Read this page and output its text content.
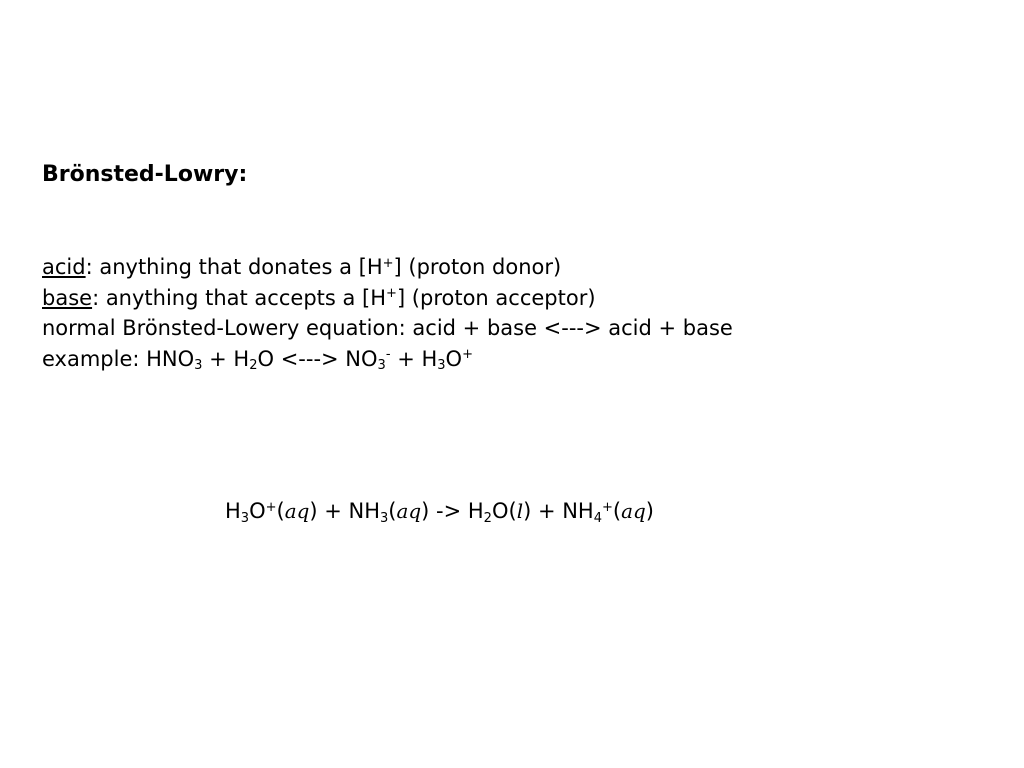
Brönsted-Lowry:
acid: anything that donates a [H+] (proton donor)
base: anything that accepts a [H+] (proton acceptor)
normal Brönsted-Lowery equation: acid + base <---> acid + base
example: $HNO_3 + H_2O$ <---> $NO_3^- + H_3O^+$
$H_3O^+(aq) + NH_3(aq) -> H_2O(l) + NH_4^+(aq)$
